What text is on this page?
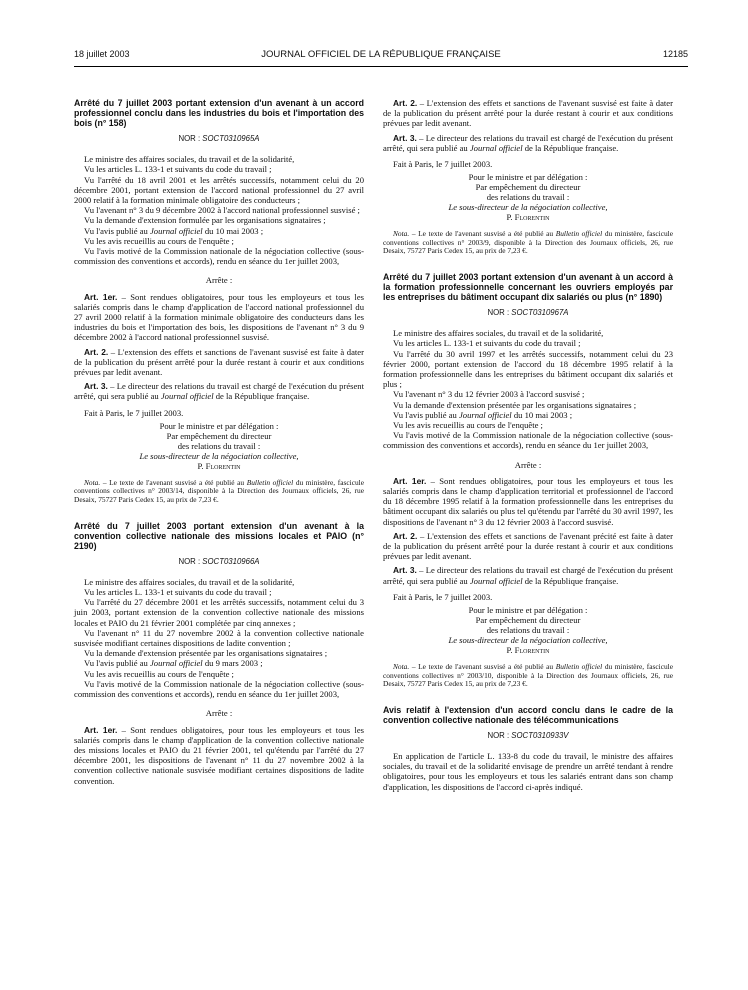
18 juillet 2003	JOURNAL OFFICIEL DE LA RÉPUBLIQUE FRANÇAISE	12185
Arrêté du 7 juillet 2003 portant extension d'un avenant à un accord professionnel conclu dans les industries du bois et l'importation des bois (n° 158)
NOR : SOCT0310965A

Le ministre des affaires sociales, du travail et de la solidarité,

Vu les articles L. 133-1 et suivants du code du travail ;

Vu l'arrêté du 18 avril 2001 et les arrêtés successifs, notamment celui du 20 décembre 2001, portant extension de l'accord national professionnel du 27 avril 2000 relatif à la formation minimale obligatoire des conducteurs ;

Vu l'avenant n° 3 du 9 décembre 2002 à l'accord national professionnel susvisé ;

Vu la demande d'extension formulée par les organisations signataires ;

Vu l'avis publié au Journal officiel du 10 mai 2003 ;

Vu les avis recueillis au cours de l'enquête ;

Vu l'avis motivé de la Commission nationale de la négociation collective (sous-commission des conventions et accords), rendu en séance du 1er juillet 2003,

Arrête :

Art. 1er. – Sont rendues obligatoires, pour tous les employeurs et tous les salariés compris dans le champ d'application de l'accord national professionnel du 27 avril 2000 relatif à la formation minimale obligatoire des conducteurs dans les industries du bois et l'importation des bois, les dispositions de l'avenant n° 3 du 9 décembre 2002 à l'accord national professionnel susvisé.

Art. 2. – L'extension des effets et sanctions de l'avenant susvisé est faite à dater de la publication du présent arrêté pour la durée restant à courir et aux conditions prévues par ledit avenant.

Art. 3. – Le directeur des relations du travail est chargé de l'exécution du présent arrêté, qui sera publié au Journal officiel de la République française.

Fait à Paris, le 7 juillet 2003.

Pour le ministre et par délégation :
Par empêchement du directeur
des relations du travail :
Le sous-directeur de la négociation collective,
P. Florentin

Nota. – Le texte de l'avenant susvisé a été publié au Bulletin officiel du ministère, fascicule conventions collectives n° 2003/14, disponible à la Direction des Journaux officiels, 26, rue Desaix, 75727 Paris Cedex 15, au prix de 7,23 €.

Arrêté du 7 juillet 2003 portant extension d'un avenant à la convention collective nationale des missions locales et PAIO (n° 2190)
NOR : SOCT0310966A

Le ministre des affaires sociales, du travail et de la solidarité,

Vu les articles L. 133-1 et suivants du code du travail ;

Vu l'arrêté du 27 décembre 2001 et les arrêtés successifs, notamment celui du 3 juin 2003, portant extension de la convention collective nationale des missions locales et PAIO du 21 février 2001 complétée par cinq annexes ;

Vu l'avenant n° 11 du 27 novembre 2002 à la convention collective nationale susvisée modifiant certaines dispositions de ladite convention ;

Vu la demande d'extension présentée par les organisations signataires ;

Vu l'avis publié au Journal officiel du 9 mars 2003 ;

Vu les avis recueillis au cours de l'enquête ;

Vu l'avis motivé de la Commission nationale de la négociation collective (sous-commission des conventions et accords), rendu en séance du 1er juillet 2003,

Arrête :

Art. 1er. – Sont rendues obligatoires, pour tous les employeurs et tous les salariés compris dans le champ d'application de la convention collective nationale des missions locales et PAIO du 21 février 2001, tel qu'étendu par l'arrêté du 27 décembre 2001, les dispositions de l'avenant n° 11 du 27 novembre 2002 à la convention collective nationale susvisée modifiant certaines dispositions de ladite convention.

Art. 2. – L'extension des effets et sanctions de l'avenant susvisé est faite à dater de la publication du présent arrêté pour la durée restant à courir et aux conditions prévues par ledit avenant.

Art. 3. – Le directeur des relations du travail est chargé de l'exécution du présent arrêté, qui sera publié au Journal officiel de la République française.

Fait à Paris, le 7 juillet 2003.

Pour le ministre et par délégation :
Par empêchement du directeur
des relations du travail :
Le sous-directeur de la négociation collective,
P. Florentin

Nota. – Le texte de l'avenant susvisé a été publié au Bulletin officiel du ministère, fascicule conventions collectives n° 2003/9, disponible à la Direction des Journaux officiels, 26, rue Desaix, 75727 Paris Cedex 15, au prix de 7,23 €.

Arrêté du 7 juillet 2003 portant extension d'un avenant à un accord à la formation professionnelle concernant les ouvriers employés par les entreprises du bâtiment occupant dix salariés ou plus (n° 1890)
NOR : SOCT0310967A

Le ministre des affaires sociales, du travail et de la solidarité,

Vu les articles L. 133-1 et suivants du code du travail ;

Vu l'arrêté du 30 avril 1997 et les arrêtés successifs, notamment celui du 23 février 2000, portant extension de l'accord du 18 décembre 1995 relatif à la formation professionnelle dans les entreprises du bâtiment occupant dix salariés et plus ;

Vu l'avenant n° 3 du 12 février 2003 à l'accord susvisé ;

Vu la demande d'extension présentée par les organisations signataires ;

Vu l'avis publié au Journal officiel du 10 mai 2003 ;

Vu les avis recueillis au cours de l'enquête ;

Vu l'avis motivé de la Commission nationale de la négociation collective (sous-commission des conventions et accords), rendu en séance du 1er juillet 2003,

Arrête :

Art. 1er. – Sont rendues obligatoires, pour tous les employeurs et tous les salariés compris dans le champ d'application territorial et professionnel de l'accord du 18 décembre 1995 relatif à la formation professionnelle dans les entreprises du bâtiment occupant dix salariés ou plus tel qu'étendu par l'arrêté du 30 avril 1997, les dispositions de l'avenant n° 3 du 12 février 2003 à l'accord susvisé.

Art. 2. – L'extension des effets et sanctions de l'avenant précité est faite à dater de la publication du présent arrêté pour la durée restant à courir et aux conditions prévues par ledit avenant.

Art. 3. – Le directeur des relations du travail est chargé de l'exécution du présent arrêté, qui sera publié au Journal officiel de la République française.

Fait à Paris, le 7 juillet 2003.

Pour le ministre et par délégation :
Par empêchement du directeur
des relations du travail :
Le sous-directeur de la négociation collective,
P. Florentin

Nota. – Le texte de l'avenant susvisé a été publié au Bulletin officiel du ministère, fascicule conventions collectives n° 2003/10, disponible à la Direction des Journaux officiels, 26, rue Desaix, 75727 Paris Cedex 15, au prix de 7,23 €.

Avis relatif à l'extension d'un accord conclu dans le cadre de la convention collective nationale des télécommunications
NOR : SOCT0310933V

En application de l'article L. 133-8 du code du travail, le ministre des affaires sociales, du travail et de la solidarité envisage de prendre un arrêté tendant à rendre obligatoires, pour tous les employeurs et tous les salariés entrant dans son champ d'application, les dispositions de l'accord ci-après indiqué.
